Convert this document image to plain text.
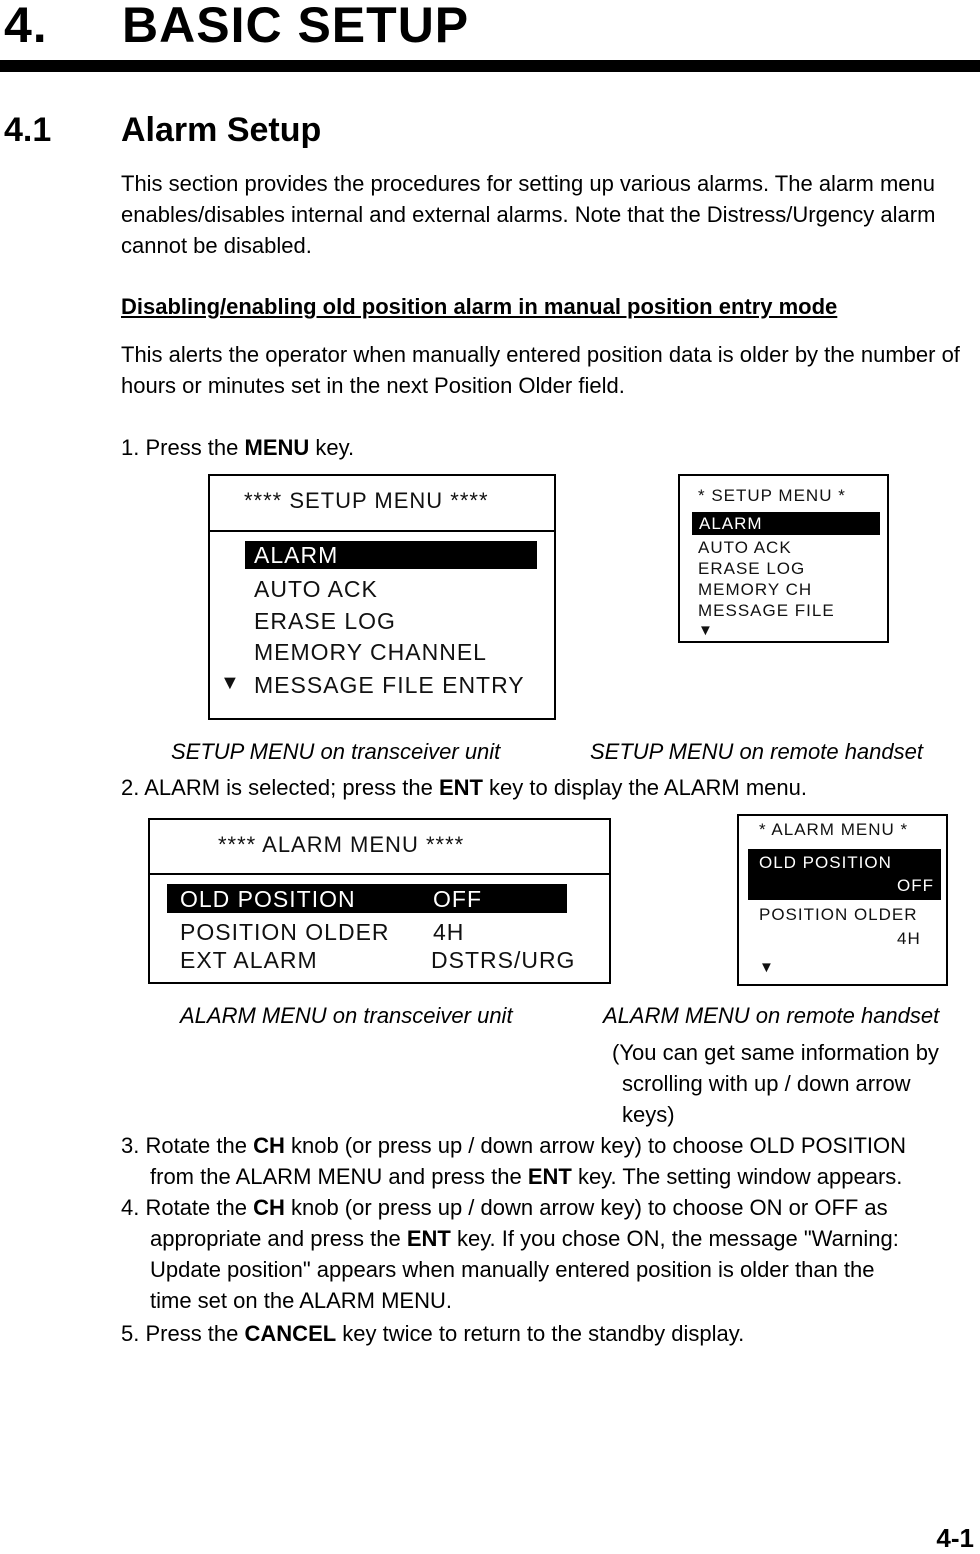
4. BASIC SETUP
4.1 Alarm Setup
This section provides the procedures for setting up various alarms. The alarm menu enables/disables internal and external alarms. Note that the Distress/Urgency alarm cannot be disabled.
Disabling/enabling old position alarm in manual position entry mode
This alerts the operator when manually entered position data is older by the number of hours or minutes set in the next Position Older field.
1. Press the MENU key.
**** SETUP MENU ****
ALARM
AUTO ACK
ERASE LOG
MEMORY CHANNEL
▼ MESSAGE FILE ENTRY
* SETUP MENU *
ALARM
AUTO ACK
ERASE LOG
MEMORY CH
MESSAGE FILE
▼
SETUP MENU on transceiver unit	SETUP MENU on remote handset
2. ALARM is selected; press the ENT key to display the ALARM menu.
**** ALARM MENU ****
OLD POSITION	OFF
POSITION OLDER 4H
EXT ALARM	DSTRS/URG
* ALARM MENU *
OLD POSITION
OFF
POSITION OLDER
4H
▼
ALARM MENU on transceiver unit	ALARM MENU on remote handset
(You can get same information by
scrolling with up / down arrow
keys)
3. Rotate the CH knob (or press up / down arrow key) to choose OLD POSITION
from the ALARM MENU and press the ENT key. The setting window appears.
4. Rotate the CH knob (or press up / down arrow key) to choose ON or OFF as
appropriate and press the ENT key. If you chose ON, the message "Warning:
Update position" appears when manually entered position is older than the
time set on the ALARM MENU.
5. Press the CANCEL key twice to return to the standby display.
4-1
